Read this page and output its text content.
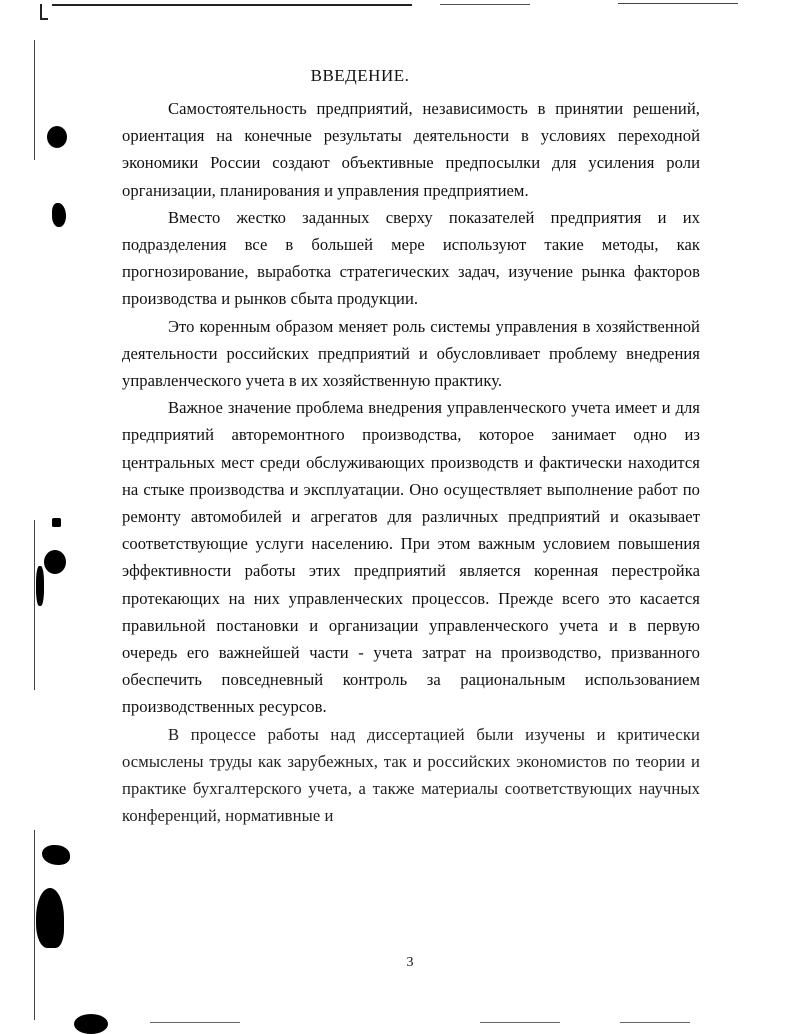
ВВЕДЕНИЕ.

Самостоятельность предприятий, независимость в принятии решений, ориентация на конечные результаты деятельности в условиях переходной экономики России создают объективные предпосылки для усиления роли организации, планирования и управления предприятием.

Вместо жестко заданных сверху показателей предприятия и их подразделения все в большей мере используют такие методы, как прогнозирование, выработка стратегических задач, изучение рынка факторов производства и рынков сбыта продукции.

Это коренным образом меняет роль системы управления в хозяйственной деятельности российских предприятий и обусловливает проблему внедрения управленческого учета в их хозяйственную практику.

Важное значение проблема внедрения управленческого учета имеет и для предприятий авторемонтного производства, которое занимает одно из центральных мест среди обслуживающих производств и фактически находится на стыке производства и эксплуатации. Оно осуществляет выполнение работ по ремонту автомобилей и агрегатов для различных предприятий и оказывает соответствующие услуги населению. При этом важным условием повышения эффективности работы этих предприятий является коренная перестройка протекающих на них управленческих процессов. Прежде всего это касается правильной постановки и организации управленческого учета и в первую очередь его важнейшей части - учета затрат на производство, призванного обеспечить повседневный контроль за рациональным использованием производственных ресурсов.

В процессе работы над диссертацией были изучены и критически осмыслены труды как зарубежных, так и российских экономистов по теории и практике бухгалтерского учета, а также материалы соответствующих научных конференций, нормативные и

3
